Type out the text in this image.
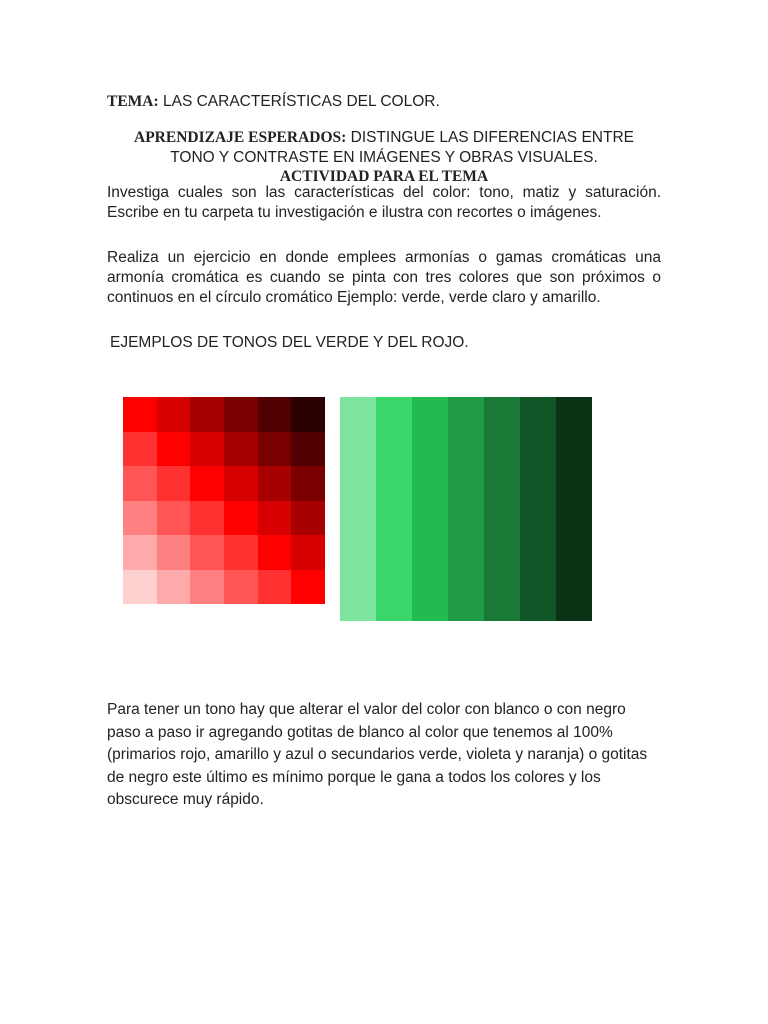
TEMA: LAS CARACTERÍSTICAS DEL COLOR.
APRENDIZAJE ESPERADOS: DISTINGUE LAS DIFERENCIAS ENTRE
TONO Y CONTRASTE EN IMÁGENES Y OBRAS VISUALES.
ACTIVIDAD PARA EL TEMA
Investiga cuales son las características del color: tono, matiz y saturación.
Escribe en tu carpeta tu investigación e ilustra con recortes o imágenes.
Realiza un ejercicio en donde emplees armonías o gamas cromáticas una
armonía cromática es cuando se pinta con tres colores que son próximos o
continuos en el círculo cromático Ejemplo: verde, verde claro y amarillo.
EJEMPLOS DE TONOS DEL VERDE Y DEL ROJO.
Para tener un tono hay que alterar el valor del color con blanco o con negro
paso a paso ir agregando gotitas de blanco al color que tenemos al 100%
(primarios rojo, amarillo y azul o secundarios verde, violeta y naranja) o gotitas
de negro este último es mínimo porque le gana a todos los colores y los
obscurece muy rápido.
